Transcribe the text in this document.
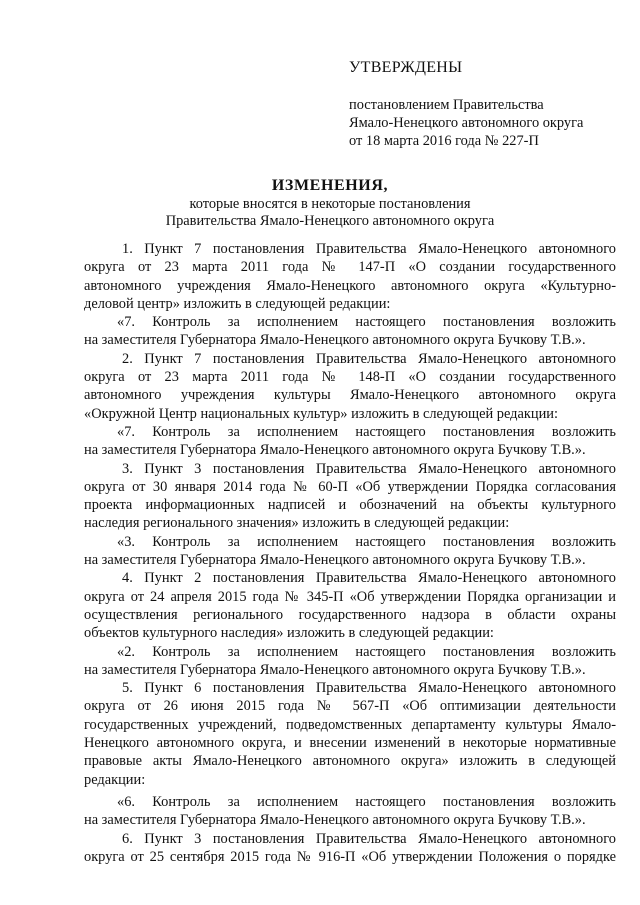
УТВЕРЖДЕНЫ
постановлением Правительства
Ямало-Ненецкого автономного округа
от 18 марта 2016 года № 227-П
ИЗМЕНЕНИЯ,
которые вносятся в некоторые постановления
Правительства Ямало-Ненецкого автономного округа
1. Пункт 7 постановления Правительства Ямало-Ненецкого автономного
округа от 23 марта 2011 года № 147-П «О создании государственного
автономного учреждения Ямало-Ненецкого автономного округа «Культурно-
деловой центр» изложить в следующей редакции:
«7. Контроль за исполнением настоящего постановления возложить
на заместителя Губернатора Ямало-Ненецкого автономного округа Бучкову Т.В.».
2. Пункт 7 постановления Правительства Ямало-Ненецкого автономного
округа от 23 марта 2011 года № 148-П «О создании государственного
автономного учреждения культуры Ямало-Ненецкого автономного округа
«Окружной Центр национальных культур» изложить в следующей редакции:
«7. Контроль за исполнением настоящего постановления возложить
на заместителя Губернатора Ямало-Ненецкого автономного округа Бучкову Т.В.».
3. Пункт 3 постановления Правительства Ямало-Ненецкого автономного
округа от 30 января 2014 года № 60-П «Об утверждении Порядка согласования
проекта информационных надписей и обозначений на объекты культурного
наследия регионального значения» изложить в следующей редакции:
«3. Контроль за исполнением настоящего постановления возложить
на заместителя Губернатора Ямало-Ненецкого автономного округа Бучкову Т.В.».
4. Пункт 2 постановления Правительства Ямало-Ненецкого автономного
округа от 24 апреля 2015 года № 345-П «Об утверждении Порядка организации и
осуществления регионального государственного надзора в области охраны
объектов культурного наследия» изложить в следующей редакции:
«2. Контроль за исполнением настоящего постановления возложить
на заместителя Губернатора Ямало-Ненецкого автономного округа Бучкову Т.В.».
5. Пункт 6 постановления Правительства Ямало-Ненецкого автономного
округа от 26 июня 2015 года № 567-П «Об оптимизации деятельности
государственных учреждений, подведомственных департаменту культуры Ямало-
Ненецкого автономного округа, и внесении изменений в некоторые нормативные
правовые акты Ямало-Ненецкого автономного округа» изложить в следующей
редакции:
«6. Контроль за исполнением настоящего постановления возложить
на заместителя Губернатора Ямало-Ненецкого автономного округа Бучкову Т.В.».
6. Пункт 3 постановления Правительства Ямало-Ненецкого автономного
округа от 25 сентября 2015 года № 916-П «Об утверждении Положения о порядке
